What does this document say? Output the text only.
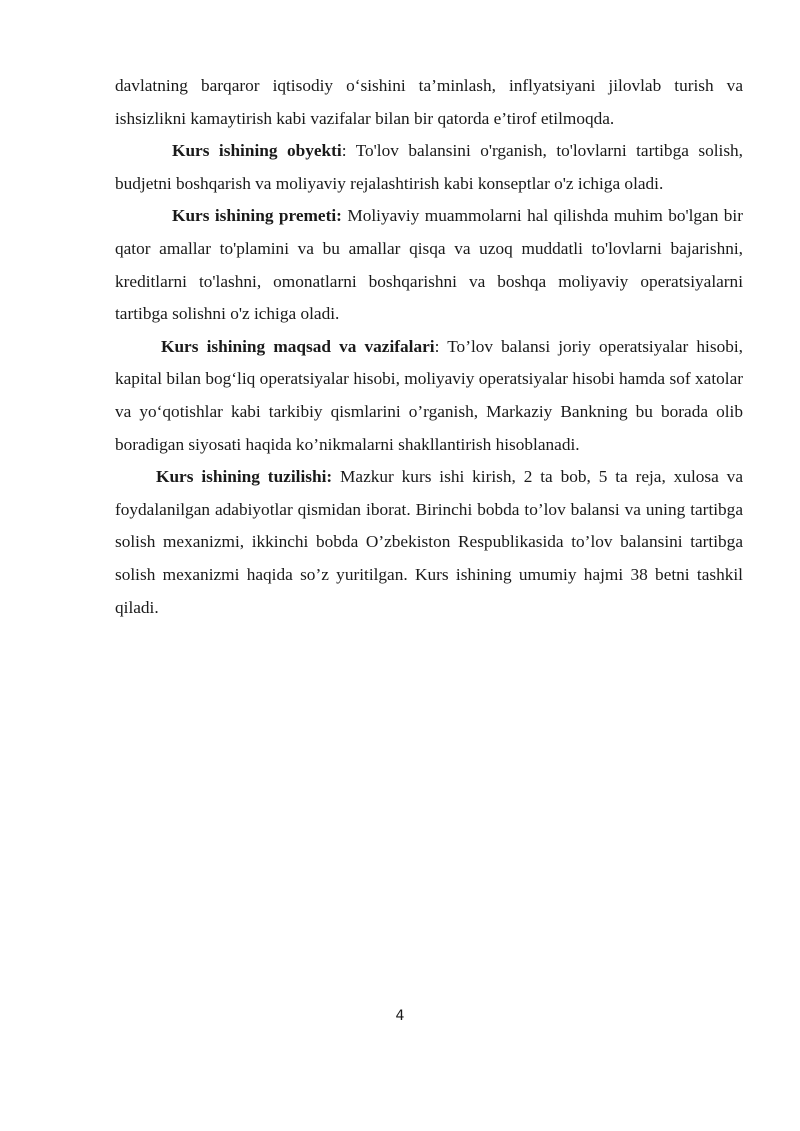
davlatning barqaror iqtisodiy o‘sishini ta’minlash, inflyatsiyani jilovlab turish va ishsizlikni kamaytirish kabi vazifalar bilan bir qatorda e’tirof etilmoqda.

Kurs ishining obyekti: To'lov balansini o'rganish, to'lovlarni tartibga solish, budjetni boshqarish va moliyaviy rejalashtirish kabi konseptlar o'z ichiga oladi.

Kurs ishining premeti: Moliyaviy muammolarni hal qilishda muhim bo'lgan bir qator amallar to'plamini va bu amallar qisqa va uzoq muddatli to'lovlarni bajarishni, kreditlarni to'lashni, omonatlarni boshqarishni va boshqa moliyaviy operatsiyalarni tartibga solishni o'z ichiga oladi.

Kurs ishining maqsad va vazifalari: To’lov balansi joriy operatsiyalar hisobi, kapital bilan bog‘liq operatsiyalar hisobi, moliyaviy operatsiyalar hisobi hamda sof xatolar va yo‘qotishlar kabi tarkibiy qismlarini o’rganish, Markaziy Bankning bu borada olib boradigan siyosati haqida ko’nikmalarni shakllantirish hisoblanadi.

Kurs ishining tuzilishi: Mazkur kurs ishi kirish, 2 ta bob, 5 ta reja, xulosa va foydalanilgan adabiyotlar qismidan iborat. Birinchi bobda to’lov balansi va uning tartibga solish mexanizmi, ikkinchi bobda O’zbekiston Respublikasida to’lov balansini tartibga solish mexanizmi haqida so’z yuritilgan. Kurs ishining umumiy hajmi 38 betni tashkil qiladi.

4
